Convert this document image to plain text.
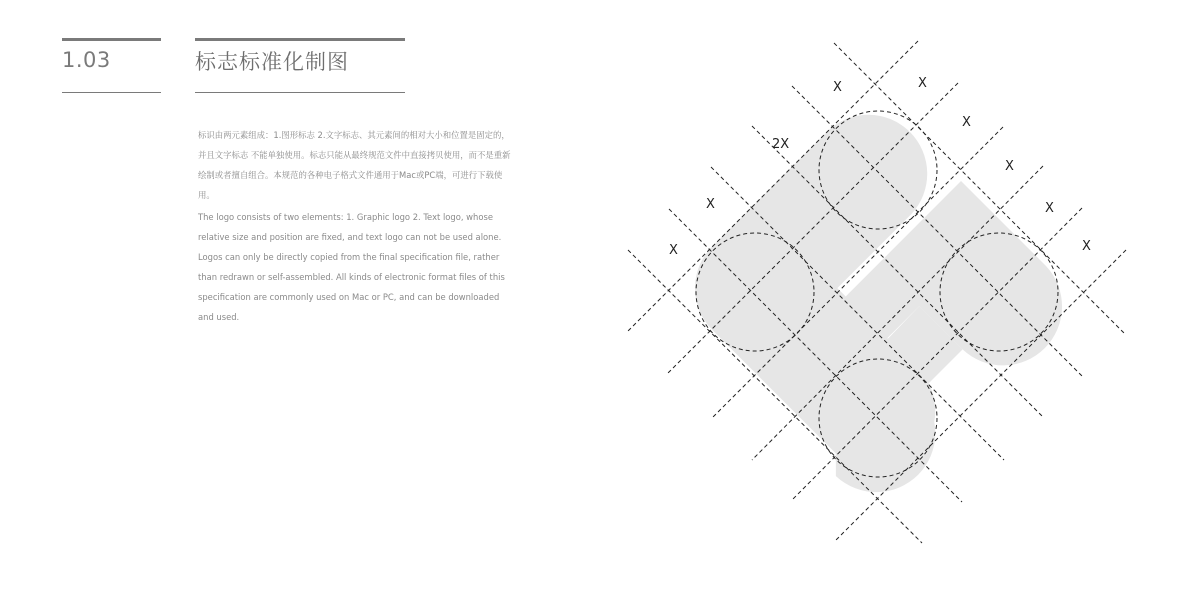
1.03	标志标准化制图
标识由两元素组成：1.图形标志 2.文字标志、其元素间的相对大小和位置是固定的，并且文字标志 不能单独使用。标志只能从最终规范文件中直接拷贝使用，而不是重新绘制或者擅自组合。本规范的各种电子格式文件通用于Mac或PC端，可进行下载使用。
The logo consists of two elements: 1. Graphic logo 2. Text logo, whose relative size and position are fixed, and text logo can not be used alone. Logos can only be directly copied from the final specification file, rather than redrawn or self-assembled. All kinds of electronic format files of this specification are commonly used on Mac or PC, and can be downloaded and used.
X	X
X
X
X
X
X
X
2X
